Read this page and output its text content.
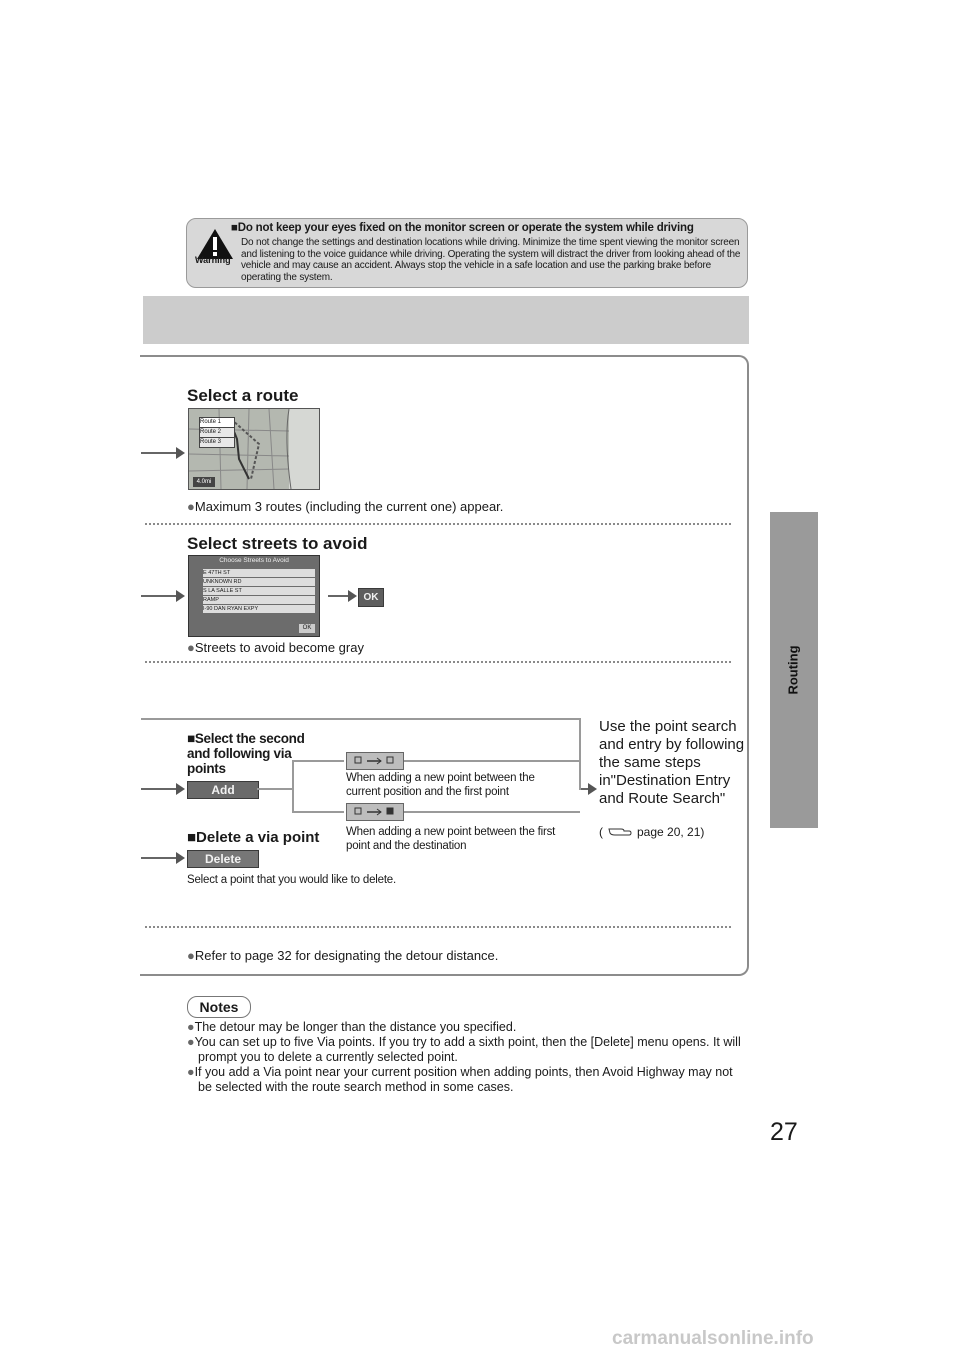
Warning
■Do not keep your eyes fixed on the monitor screen or operate the system while driving
Do not change the settings and destination locations while driving. Minimize the time spent viewing the monitor screen and listening to the voice guidance while driving. Operating the system will distract the driver from looking ahead of the vehicle and may cause an accident. Always stop the vehicle in a safe location and use the parking brake before operating the system.
Select a route
Route 1
Route 2
Route 3
4.0mi
●Maximum 3 routes (including the current one) appear.
Select streets to avoid
Choose Streets to Avoid
E 47TH ST
UNKNOWN RD
S LA SALLE ST
RAMP
I-90 DAN RYAN EXPY
OK
OK
●Streets to avoid become gray
■Select the second and following via points
Add
When adding a new point between the current position and the first point
When adding a new point between the first point and the destination
Use the point search and entry by following the same steps in"Destination Entry and Route Search"
(	page 20, 21)
■Delete a via point
Delete
Select a point that you would like to delete.
●Refer to page 32 for designating the detour distance.
Notes
●The detour may be longer than the distance you specified.
●You can set up to five Via points. If you try to add a sixth point, then the [Delete] menu opens. It will prompt you to delete a currently selected point.
●If you add a Via point near your current position when adding points, then Avoid Highway may not be selected with the route search method in some cases.
Routing
27
carmanualsonline.info
